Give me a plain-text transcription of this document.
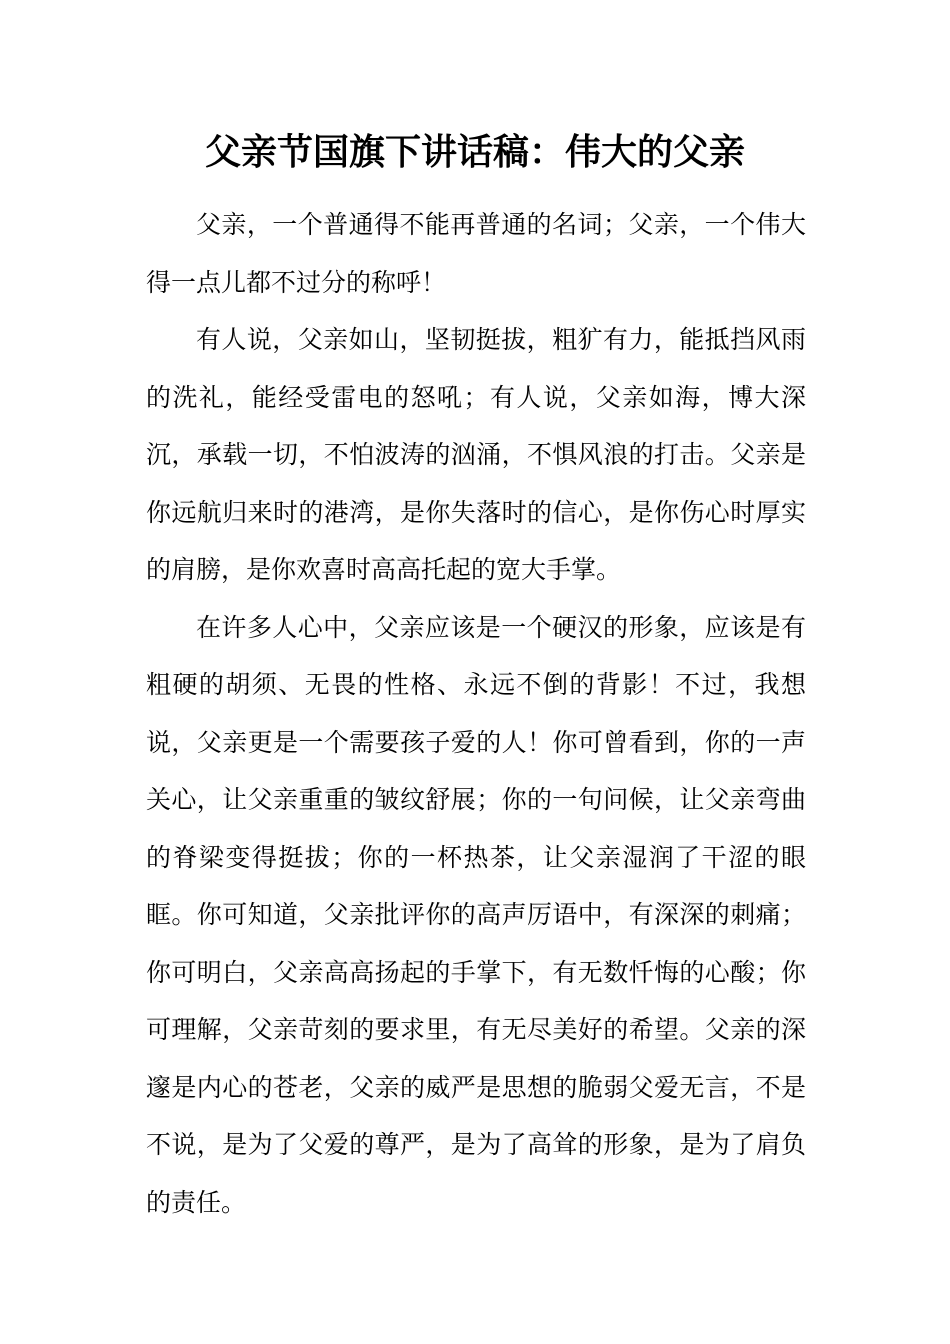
父亲节国旗下讲话稿：伟大的父亲

父亲，一个普通得不能再普通的名词；父亲，一个伟大得一点儿都不过分的称呼！

有人说，父亲如山，坚韧挺拔，粗犷有力，能抵挡风雨的洗礼，能经受雷电的怒吼；有人说，父亲如海，博大深沉，承载一切，不怕波涛的汹涌，不惧风浪的打击。父亲是你远航归来时的港湾，是你失落时的信心，是你伤心时厚实的肩膀，是你欢喜时高高托起的宽大手掌。

在许多人心中，父亲应该是一个硬汉的形象，应该是有粗硬的胡须、无畏的性格、永远不倒的背影！不过，我想说，父亲更是一个需要孩子爱的人！你可曾看到，你的一声关心，让父亲重重的皱纹舒展；你的一句问候，让父亲弯曲的脊梁变得挺拔；你的一杯热茶，让父亲湿润了干涩的眼眶。你可知道，父亲批评你的高声厉语中，有深深的刺痛；你可明白，父亲高高扬起的手掌下，有无数忏悔的心酸；你可理解，父亲苛刻的要求里，有无尽美好的希望。父亲的深邃是内心的苍老，父亲的威严是思想的脆弱父爱无言，不是不说，是为了父爱的尊严，是为了高耸的形象，是为了肩负的责任。
